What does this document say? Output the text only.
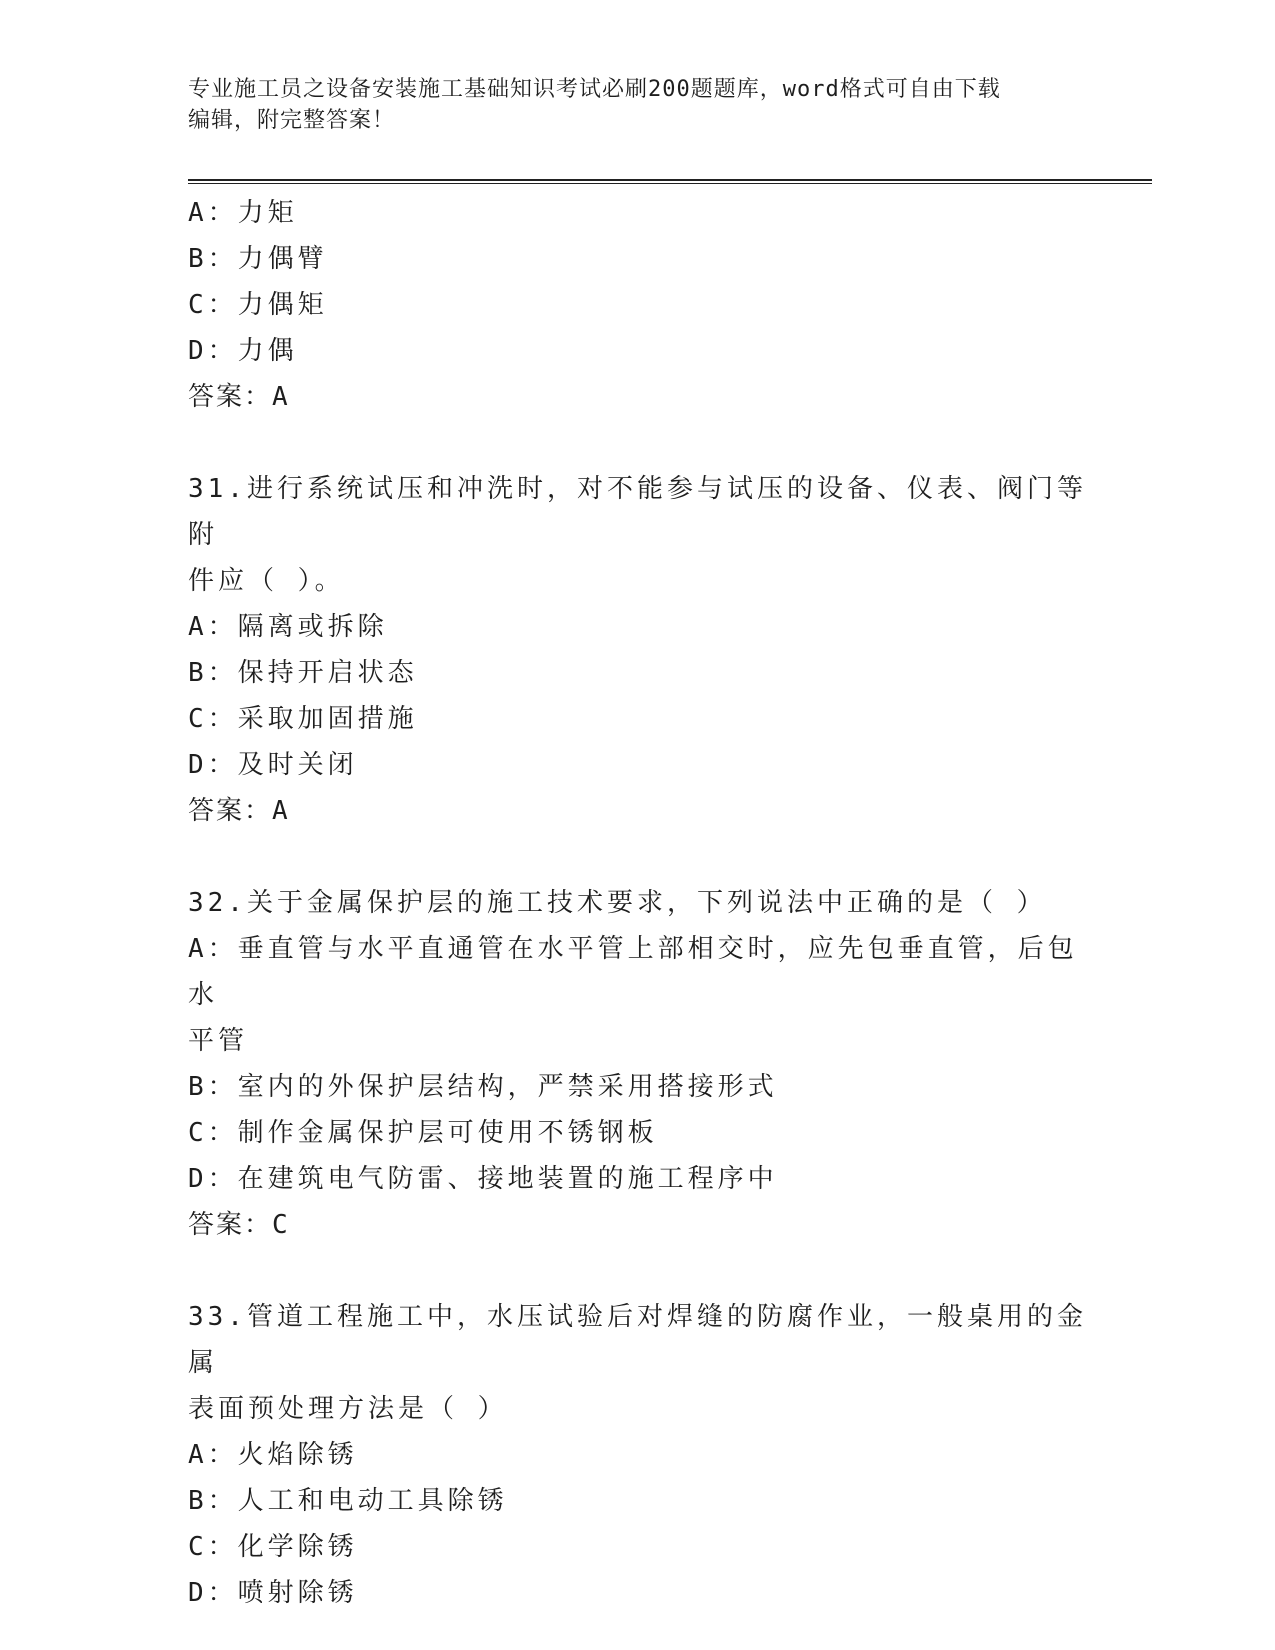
专业施工员之设备安装施工基础知识考试必刷200题题库，word格式可自由下载
编辑，附完整答案！
A：力矩
B：力偶臂
C：力偶矩
D：力偶
答案：A
31.进行系统试压和冲洗时，对不能参与试压的设备、仪表、阀门等附
件应（ ）。
A：隔离或拆除
B：保持开启状态
C：采取加固措施
D：及时关闭
答案：A
32.关于金属保护层的施工技术要求，下列说法中正确的是（ ）
A：垂直管与水平直通管在水平管上部相交时，应先包垂直管，后包水
平管
B：室内的外保护层结构，严禁采用搭接形式
C：制作金属保护层可使用不锈钢板
D：在建筑电气防雷、接地装置的施工程序中
答案：C
33.管道工程施工中，水压试验后对焊缝的防腐作业，一般桌用的金属
表面预处理方法是（ ）
A：火焰除锈
B：人工和电动工具除锈
C：化学除锈
D：喷射除锈
